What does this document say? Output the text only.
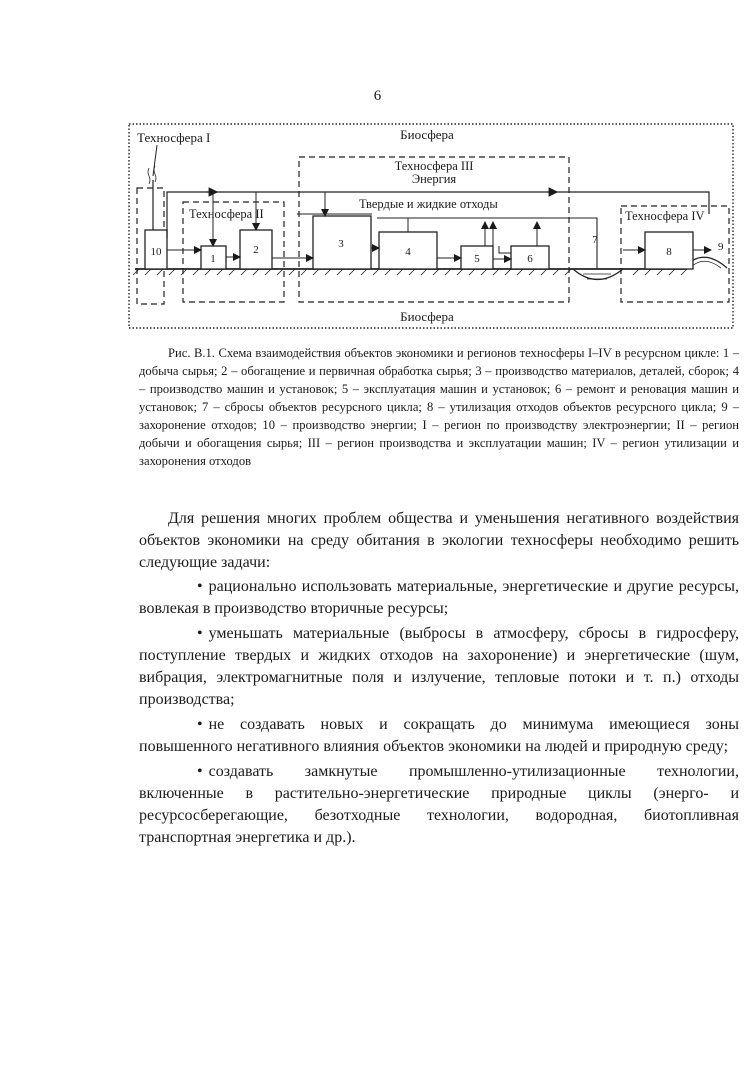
6
Биосфера
Биосфера
Техносфера I
Техносфера II
Техносфера III
Энергия
Техносфера IV
10
1
2	3
4
5	6
8
7
9
Твердые и жидкие отходы
Рис. В.1. Схема взаимодействия объектов экономики и регионов техносферы I–IV в ресурсном цикле: 1 – добыча сырья; 2 – обогащение и первичная обработка сырья; 3 – производство материалов, деталей, сборок; 4 – производство машин и установок; 5 – эксплуатация машин и установок; 6 – ремонт и реновация машин и установок; 7 – сбросы объектов ресурсного цикла; 8 – утилизация отходов объектов ресурсного цикла; 9 – захоронение отходов; 10 – производство энергии; I – регион по производству электроэнергии; II – регион добычи и обогащения сырья; III – регион производства и эксплуатации машин; IV – регион утилизации и захоронения отходов

Для решения многих проблем общества и уменьшения негативного воздействия объектов экономики на среду обитания в экологии техносферы необходимо решить следующие задачи:

• рационально использовать материальные, энергетические и другие ресурсы, вовлекая в производство вторичные ресурсы;

• уменьшать материальные (выбросы в атмосферу, сбросы в гидросферу, поступление твердых и жидких отходов на захоронение) и энергетические (шум, вибрация, электромагнитные поля и излучение, тепловые потоки и т. п.) отходы производства;

• не создавать новых и сокращать до минимума имеющиеся зоны повышенного негативного влияния объектов экономики на людей и природную среду;

• создавать замкнутые промышленно-утилизационные технологии, включенные в растительно-энергетические природные циклы (энерго- и ресурсосберегающие, безотходные технологии, водородная, биотопливная транспортная энергетика и др.).
